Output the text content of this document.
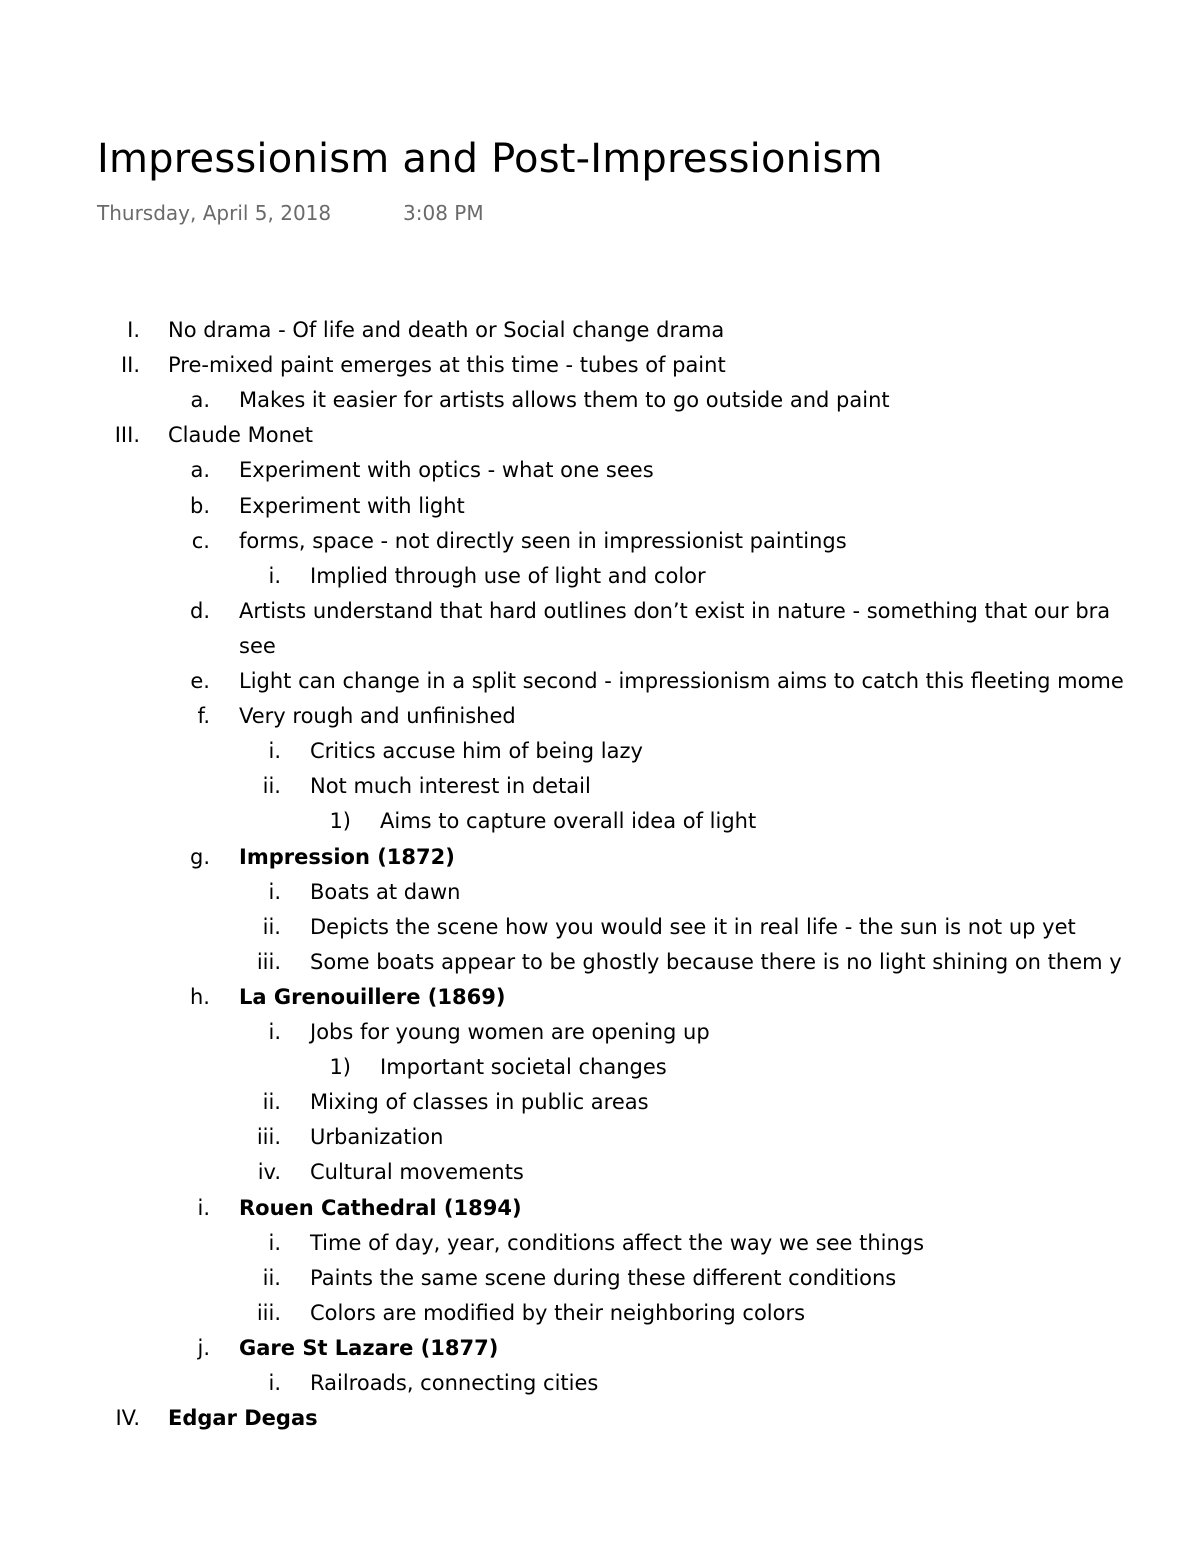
Impressionism and Post-Impressionism
Thursday, April 5, 2018	3:08 PM
I. No drama - Of life and death or Social change drama
II. Pre-mixed paint emerges at this time - tubes of paint
a. Makes it easier for artists allows them to go outside and paint
III. Claude Monet
a. Experiment with optics - what one sees
b. Experiment with light
c. forms, space - not directly seen in impressionist paintings
i. Implied through use of light and color
d. Artists understand that hard outlines don’t exist in nature - something that our bra
see
e. Light can change in a split second - impressionism aims to catch this fleeting mome
f. Very rough and unfinished
i. Critics accuse him of being lazy
ii. Not much interest in detail
1) Aims to capture overall idea of light
g. Impression (1872)
i. Boats at dawn
ii. Depicts the scene how you would see it in real life - the sun is not up yet
iii. Some boats appear to be ghostly because there is no light shining on them y
h. La Grenouillere (1869)
i. Jobs for young women are opening up
1) Important societal changes
ii. Mixing of classes in public areas
iii. Urbanization
iv. Cultural movements
i. Rouen Cathedral (1894)
i. Time of day, year, conditions affect the way we see things
ii. Paints the same scene during these different conditions
iii. Colors are modified by their neighboring colors
j. Gare St Lazare (1877)
i. Railroads, connecting cities
IV. Edgar Degas
